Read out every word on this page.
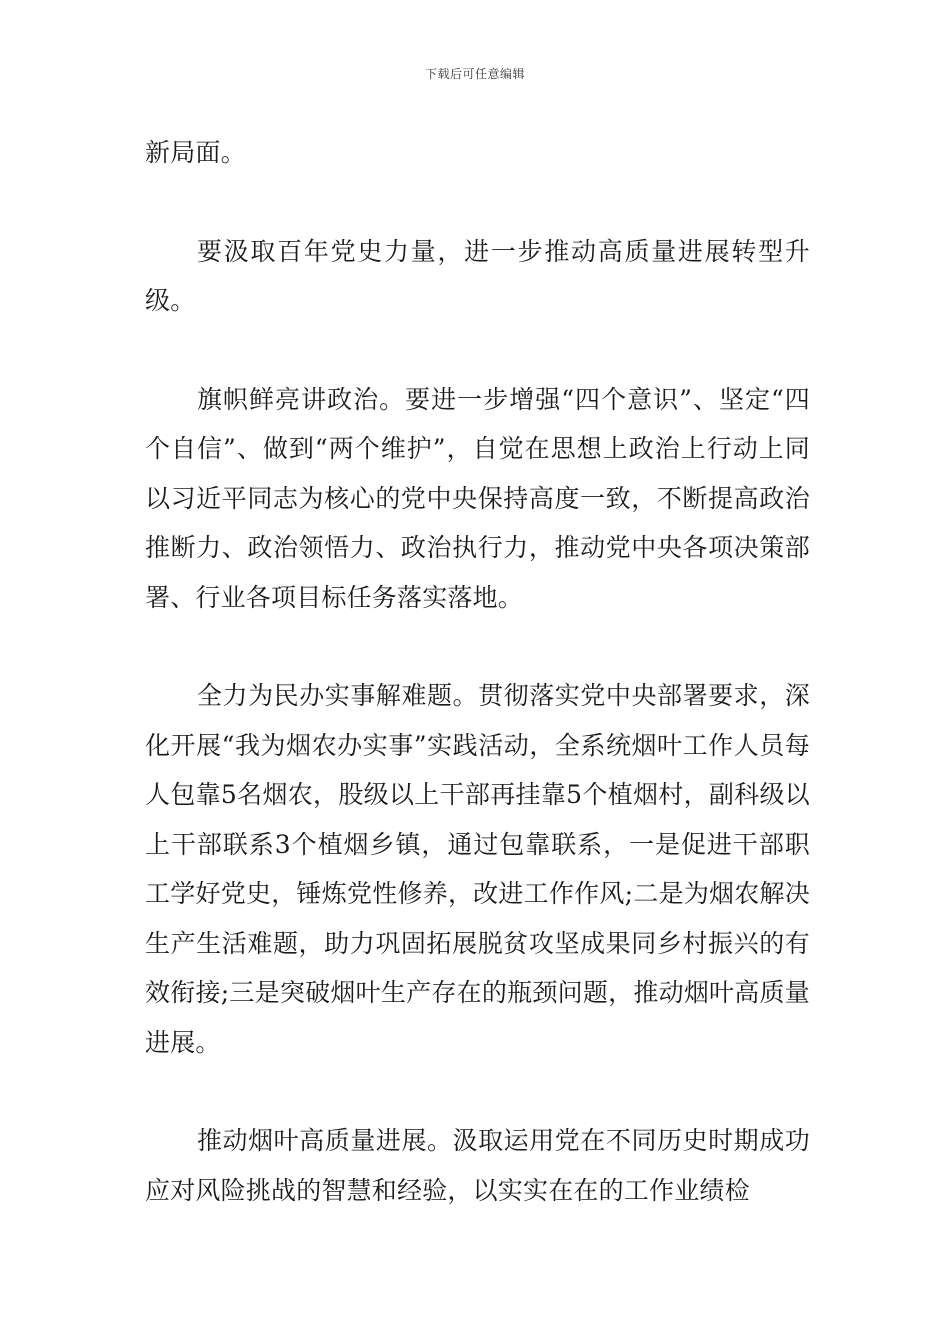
下载后可任意编辑

新局面。

要汲取百年党史力量，进一步推动高质量进展转型升级。

旗帜鲜亮讲政治。要进一步增强“四个意识”、坚定“四个自信”、做到“两个维护”，自觉在思想上政治上行动上同以习近平同志为核心的党中央保持高度一致，不断提高政治推断力、政治领悟力、政治执行力，推动党中央各项决策部署、行业各项目标任务落实落地。

全力为民办实事解难题。贯彻落实党中央部署要求，深化开展“我为烟农办实事”实践活动，全系统烟叶工作人员每人包靠5名烟农，股级以上干部再挂靠5个植烟村，副科级以上干部联系3个植烟乡镇，通过包靠联系，一是促进干部职工学好党史，锤炼党性修养，改进工作作风;二是为烟农解决生产生活难题，助力巩固拓展脱贫攻坚成果同乡村振兴的有效衔接;三是突破烟叶生产存在的瓶颈问题，推动烟叶高质量进展。

推动烟叶高质量进展。汲取运用党在不同历史时期成功应对风险挑战的智慧和经验，以实实在在的工作业绩检
